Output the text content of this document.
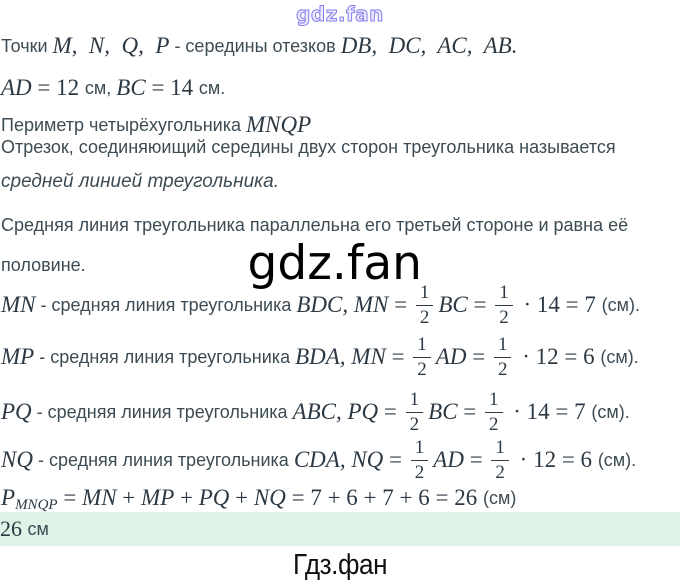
gdz.fan
Точки M,  N,  Q,  P - середины отезков DB,  DC,  AC,  AB.
AD = 12 см, BC = 14 см.
Периметр четырёхугольника MNQP
Отрезок, соединяюищий середины двух сторон треугольника называется
средней линией треугольника.
Средняя линия треугольника параллельна его третьей стороне и равна её
половине.	gdz.fan
MN - средняя линия треугольника BDC, MN = $\frac{1}{2}$ BC = $\frac{1}{2} \cdot 14 = 7$ (см).
MP - средняя линия треугольника BDA, MN = $\frac{1}{2}$ AD = $\frac{1}{2} \cdot 12 = 6$ (см).
PQ - средняя линия треугольника ABC, PQ = $\frac{1}{2}$ BC = $\frac{1}{2} \cdot 14 = 7$ (см).
NQ - средняя линия треугольника CDA, NQ = $\frac{1}{2}$ AD = $\frac{1}{2} \cdot 12 = 6$ (см).
P MNQP = MN + MP + PQ + NQ = 7 + 6 + 7 + 6 = 26 (см)
26 см
Гдз.фан
